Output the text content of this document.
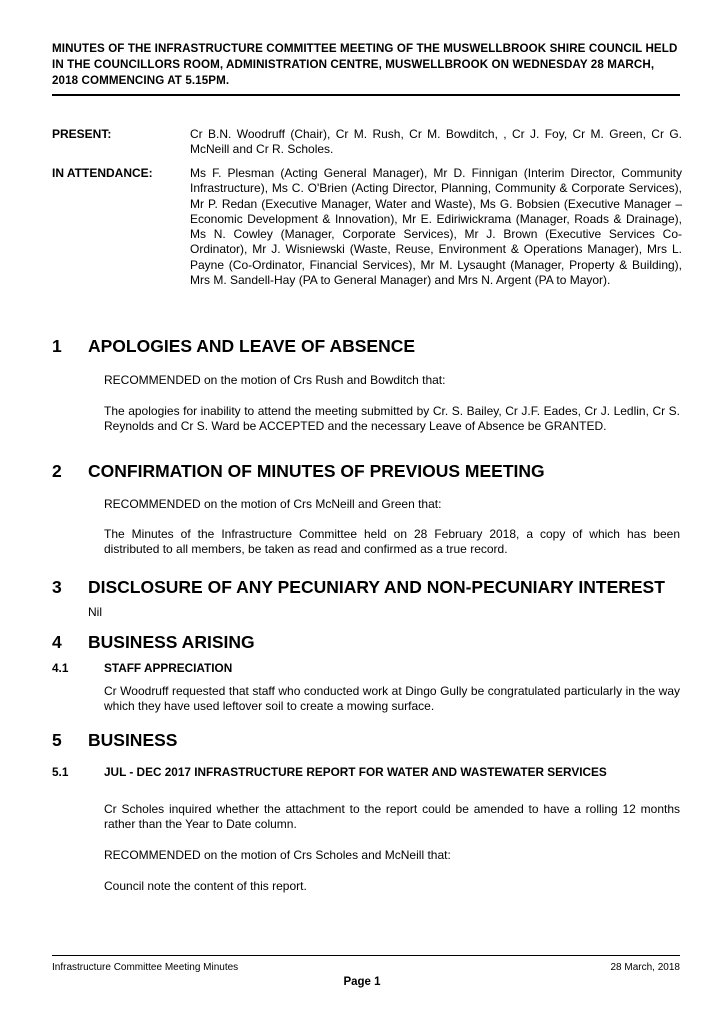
MINUTES OF THE INFRASTRUCTURE COMMITTEE MEETING OF THE MUSWELLBROOK SHIRE COUNCIL HELD IN THE COUNCILLORS ROOM, ADMINISTRATION CENTRE, MUSWELLBROOK ON WEDNESDAY 28 MARCH, 2018 COMMENCING AT 5.15PM.
PRESENT:	Cr B.N. Woodruff (Chair), Cr M. Rush, Cr M. Bowditch, , Cr J. Foy, Cr M. Green, Cr G. McNeill and Cr R. Scholes.
IN ATTENDANCE:	Ms F. Plesman (Acting General Manager), Mr D. Finnigan (Interim Director, Community Infrastructure), Ms C. O'Brien (Acting Director, Planning, Community & Corporate Services), Mr P. Redan (Executive Manager, Water and Waste), Ms G. Bobsien (Executive Manager – Economic Development & Innovation), Mr E. Ediriwickrama (Manager, Roads & Drainage), Ms N. Cowley (Manager, Corporate Services), Mr J. Brown (Executive Services Co-Ordinator), Mr J. Wisniewski (Waste, Reuse, Environment & Operations Manager), Mrs L. Payne (Co-Ordinator, Financial Services), Mr M. Lysaught (Manager, Property & Building), Mrs M. Sandell-Hay (PA to General Manager) and Mrs N. Argent (PA to Mayor).
1 APOLOGIES AND LEAVE OF ABSENCE
RECOMMENDED on the motion of Crs Rush and Bowditch that:
The apologies for inability to attend the meeting submitted by Cr. S. Bailey, Cr J.F. Eades, Cr J. Ledlin, Cr S. Reynolds and Cr S. Ward be ACCEPTED and the necessary Leave of Absence be GRANTED.
2 CONFIRMATION OF MINUTES OF PREVIOUS MEETING
RECOMMENDED on the motion of Crs McNeill and Green that:
The Minutes of the Infrastructure Committee held on 28 February 2018, a copy of which has been distributed to all members, be taken as read and confirmed as a true record.
3 DISCLOSURE OF ANY PECUNIARY AND NON-PECUNIARY INTEREST
Nil
4 BUSINESS ARISING
4.1	STAFF APPRECIATION
Cr Woodruff requested that staff who conducted work at Dingo Gully be congratulated particularly in the way which they have used leftover soil to create a mowing surface.
5 BUSINESS
5.1	JUL - DEC 2017 INFRASTRUCTURE REPORT FOR WATER AND WASTEWATER SERVICES
Cr Scholes inquired whether the attachment to the report could be amended to have a rolling 12 months rather than the Year to Date column.
RECOMMENDED on the motion of Crs Scholes and McNeill that:
Council note the content of this report.
Infrastructure Committee Meeting Minutes	28 March, 2018
Page 1
